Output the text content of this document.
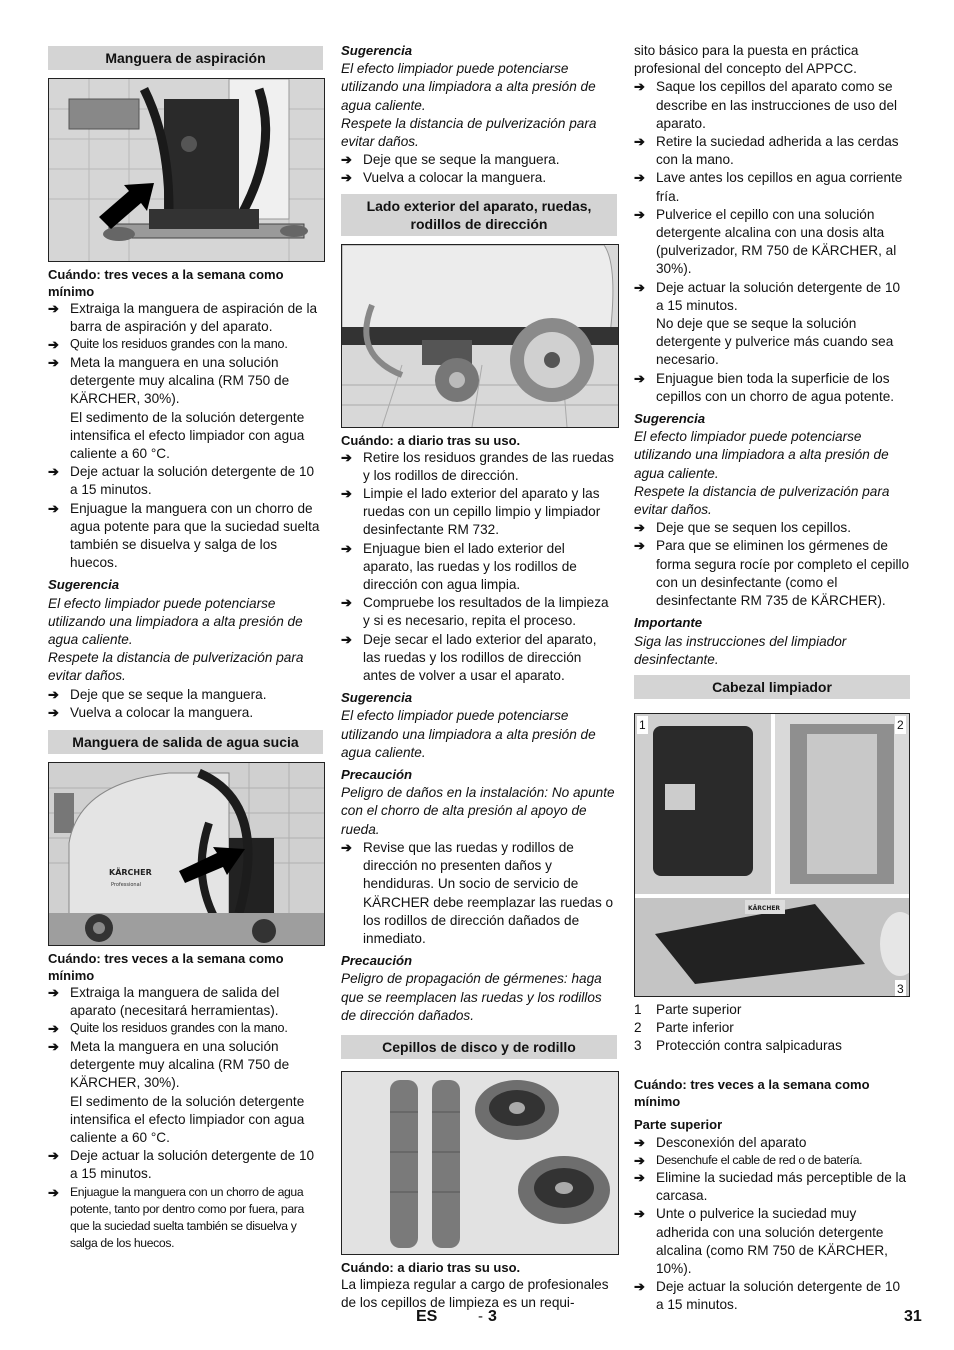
Manguera de aspiración
Cuándo: tres veces a la semana como mínimo
➔ Extraiga la manguera de aspiración de la barra de aspiración y del aparato.
➔ Quite los residuos grandes con la mano.
➔ Meta la manguera en una solución detergente muy alcalina (RM 750 de KÄRCHER, 30%).
El sedimento de la solución detergente intensifica el efecto limpiador con agua caliente a 60 °C.
➔ Deje actuar la solución detergente de 10 a 15 minutos.
➔ Enjuague la manguera con un chorro de agua potente para que la suciedad suelta también se disuelva y salga de los huecos.
Sugerencia
El efecto limpiador puede potenciarse utilizando una limpiadora a alta presión de agua caliente.
Respete la distancia de pulverización para evitar daños.
➔ Deje que se seque la manguera.
➔ Vuelva a colocar la manguera.
Manguera de salida de agua sucia
KÄRCHER
Professional
Cuándo: tres veces a la semana como mínimo
➔ Extraiga la manguera de salida del aparato (necesitará herramientas).
➔ Quite los residuos grandes con la mano.
➔ Meta la manguera en una solución detergente muy alcalina (RM 750 de KÄRCHER, 30%).
El sedimento de la solución detergente intensifica el efecto limpiador con agua caliente a 60 °C.
➔ Deje actuar la solución detergente de 10 a 15 minutos.
➔ Enjuague la manguera con un chorro de agua potente, tanto por dentro como por fuera, para que la suciedad suelta también se disuelva y salga de los huecos.
Sugerencia
El efecto limpiador puede potenciarse utilizando una limpiadora a alta presión de agua caliente.
Respete la distancia de pulverización para evitar daños.
➔ Deje que se seque la manguera.
➔ Vuelva a colocar la manguera.
Lado exterior del aparato, ruedas, rodillos de dirección
Cuándo: a diario tras su uso.
➔ Retire los residuos grandes de las ruedas y los rodillos de dirección.
➔ Limpie el lado exterior del aparato y las ruedas con un cepillo limpio y limpiador desinfectante RM 732.
➔ Enjuague bien el lado exterior del aparato, las ruedas y los rodillos de dirección con agua limpia.
➔ Compruebe los resultados de la limpieza y si es necesario, repita el proceso.
➔ Deje secar el lado exterior del aparato, las ruedas y los rodillos de dirección antes de volver a usar el aparato.
Sugerencia
El efecto limpiador puede potenciarse utilizando una limpiadora a alta presión de agua caliente.
Precaución
Peligro de daños en la instalación: No apunte con el chorro de alta presión al apoyo de rueda.
➔ Revise que las ruedas y rodillos de dirección no presenten daños y hendiduras. Un socio de servicio de KÄRCHER debe reemplazar las ruedas o los rodillos de dirección dañados de inmediato.
Precaución
Peligro de propagación de gérmenes: haga que se reemplacen las ruedas y los rodillos de dirección dañados.
Cepillos de disco y de rodillo
Cuándo: a diario tras su uso.
La limpieza regular a cargo de profesionales de los cepillos de limpieza es un requi-
sito básico para la puesta en práctica profesional del concepto del APPCC.
➔ Saque los cepillos del aparato como se describe en las instrucciones de uso del aparato.
➔ Retire la suciedad adherida a las cerdas con la mano.
➔ Lave antes los cepillos en agua corriente fría.
➔ Pulverice el cepillo con una solución detergente alcalina con una dosis alta (pulverizador, RM 750 de KÄRCHER, al 30%).
➔ Deje actuar la solución detergente de 10 a 15 minutos.
No deje que se seque la solución detergente y pulverice más cuando sea necesario.
➔ Enjuague bien toda la superficie de los cepillos con un chorro de agua potente.
Sugerencia
El efecto limpiador puede potenciarse utilizando una limpiadora a alta presión de agua caliente.
Respete la distancia de pulverización para evitar daños.
➔ Deje que se sequen los cepillos.
➔ Para que se eliminen los gérmenes de forma segura rocíe por completo el cepillo con un desinfectante (como el desinfectante RM 735 de KÄRCHER).
Importante
Siga las instrucciones del limpiador desinfectante.
Cabezal limpiador
KÄRCHER
1	2
3
1 Parte superior
2 Parte inferior
3 Protección contra salpicaduras
Cuándo: tres veces a la semana como mínimo
Parte superior
➔ Desconexión del aparato
➔ Desenchufe el cable de red o de batería.
➔ Elimine la suciedad más perceptible de la carcasa.
➔ Unte o pulverice la suciedad muy adherida con una solución detergente alcalina (como RM 750 de KÄRCHER, 10%).
➔ Deje actuar la solución detergente de 10 a 15 minutos.
ES	- 3	31
